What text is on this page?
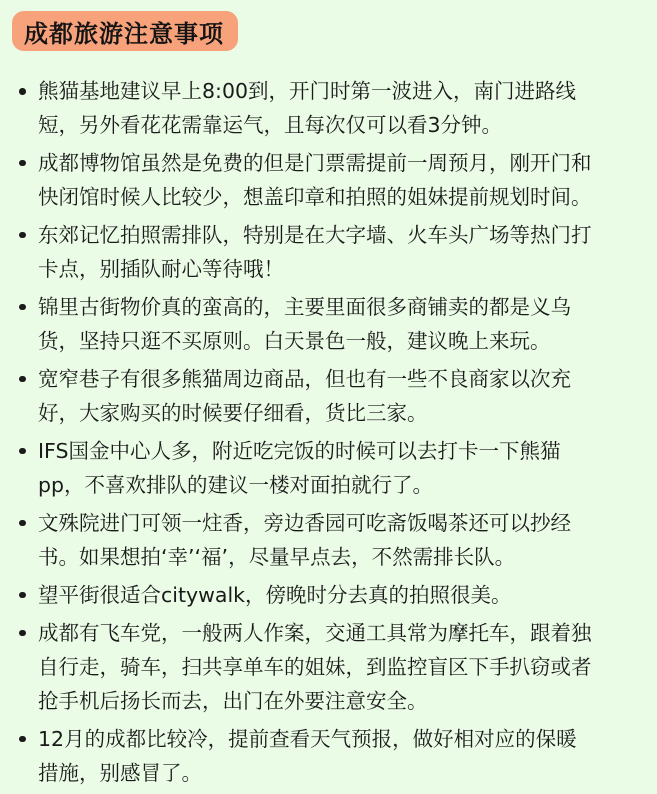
成都旅游注意事项
熊猫基地建议早上8:00到，开门时第一波进入，南门进路线
短，另外看花花需靠运气，且每次仅可以看3分钟。
成都博物馆虽然是免费的但是门票需提前一周预月，刚开门和
快闭馆时候人比较少，想盖印章和拍照的姐妹提前规划时间。
东郊记忆拍照需排队，特别是在大字墙、火车头广场等热门打
卡点，别插队耐心等待哦！
锦里古街物价真的蛮高的，主要里面很多商铺卖的都是义乌
货，坚持只逛不买原则。白天景色一般，建议晚上来玩。
宽窄巷子有很多熊猫周边商品，但也有一些不良商家以次充
好，大家购买的时候要仔细看，货比三家。
IFS国金中心人多，附近吃完饭的时候可以去打卡一下熊猫
pp，不喜欢排队的建议一楼对面拍就行了。
文殊院进门可领一炷香，旁边香园可吃斋饭喝茶还可以抄经
书。如果想拍‘幸’‘福’，尽量早点去，不然需排长队。
望平街很适合citywalk，傍晚时分去真的拍照很美。
成都有飞车党，一般两人作案，交通工具常为摩托车，跟着独
自行走，骑车，扫共享单车的姐妹，到监控盲区下手扒窃或者
抢手机后扬长而去，出门在外要注意安全。
12月的成都比较冷，提前查看天气预报，做好相对应的保暖
措施，别感冒了。
